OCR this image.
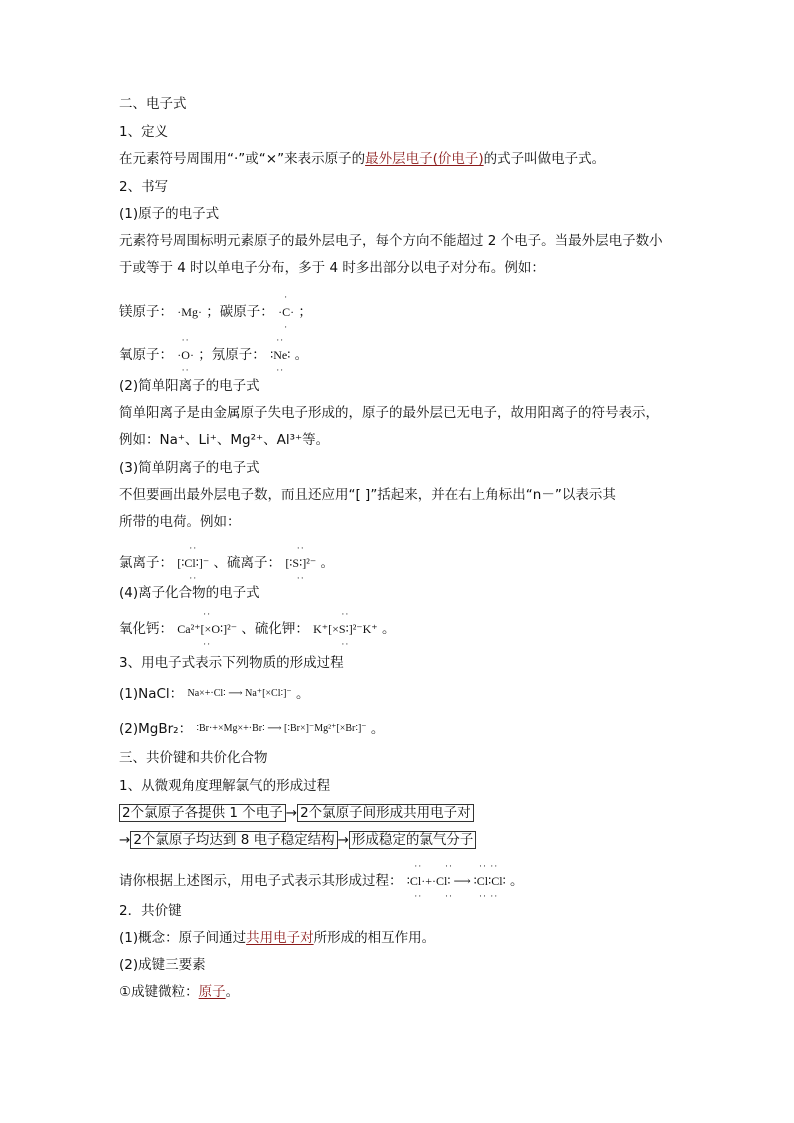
二、电子式
1、定义
在元素符号周围用“·”或“×”来表示原子的最外层电子(价电子)的式子叫做电子式。
2、书写
(1)原子的电子式
元素符号周围标明元素原子的最外层电子，每个方向不能超过 2 个电子。当最外层电子数小
于或等于 4 时以单电子分布，多于 4 时多出部分以电子对分布。例如：
镁原子： ·Mg· ；碳原子：
·
·C·
·
；
氧原子：
··
·O·
··
；氖原子：
··
∶Ne∶
··
。
(2)简单阳离子的电子式
简单阳离子是由金属原子失电子形成的，原子的最外层已无电子，故用阳离子的符号表示，
例如：Na⁺、Li⁺、Mg²⁺、Al³⁺等。
(3)简单阴离子的电子式
不但要画出最外层电子数，而且还应用“[ ]”括起来，并在右上角标出“n－”以表示其
所带的电荷。例如：
氯离子：
··
[∶Cl∶]⁻
··
、硫离子：
··
[∶S∶]²⁻
··
。
(4)离子化合物的电子式
氧化钙：
··
Ca²⁺[×O∶]²⁻
··
、硫化钾：
··
K⁺[×S∶]²⁻K⁺
··
。
3、用电子式表示下列物质的形成过程
(1)NaCl： Na×+·Cl∶ ⟶ Na⁺[×Cl∶]⁻ 。
(2)MgBr₂： ∶Br·+×Mg×+·Br∶ ⟶ [∶Br×]⁻Mg²⁺[×Br∶]⁻ 。
三、共价键和共价化合物
1、从微观角度理解氯气的形成过程
2个氯原子各提供 1 个电子 → 2个氯原子间形成共用电子对
→ 2个氯原子均达到 8 电子稳定结构 → 形成稳定的氯气分子
请你根据上述图示，用电子式表示其形成过程：
··       ··        ·· ··
∶Cl·+·Cl∶ ⟶ ∶Cl∶Cl∶
··       ··        ·· ··
。
2．共价键
(1)概念：原子间通过共用电子对所形成的相互作用。
(2)成键三要素
①成键微粒：原子。
